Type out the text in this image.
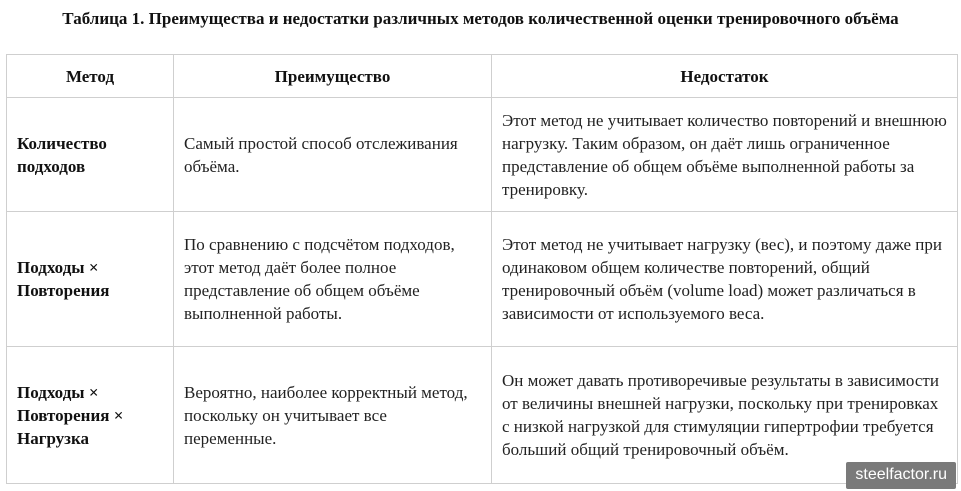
Таблица 1. Преимущества и недостатки различных методов количественной оценки тренировочного объёма
Метод	Преимущество	Недостаток
Количество подходов	Самый простой способ отслеживания объёма.	Этот метод не учитывает количество повторений и внешнюю нагрузку. Таким образом, он даёт лишь ограниченное представление об общем объёме выполненной работы за тренировку.
Подходы × Повторения	По сравнению с подсчётом подходов, этот метод даёт более полное представление об общем объёме выполненной работы.	Этот метод не учитывает нагрузку (вес), и поэтому даже при одинаковом общем количестве повторений, общий тренировочный объём (volume load) может различаться в зависимости от используемого веса.
Подходы × Повторения × Нагрузка	Вероятно, наиболее корректный метод, поскольку он учитывает все переменные.	Он может давать противоречивые результаты в зависимости от величины внешней нагрузки, поскольку при тренировках с низкой нагрузкой для стимуляции гипертрофии требуется больший общий тренировочный объём.
steelfactor.ru
